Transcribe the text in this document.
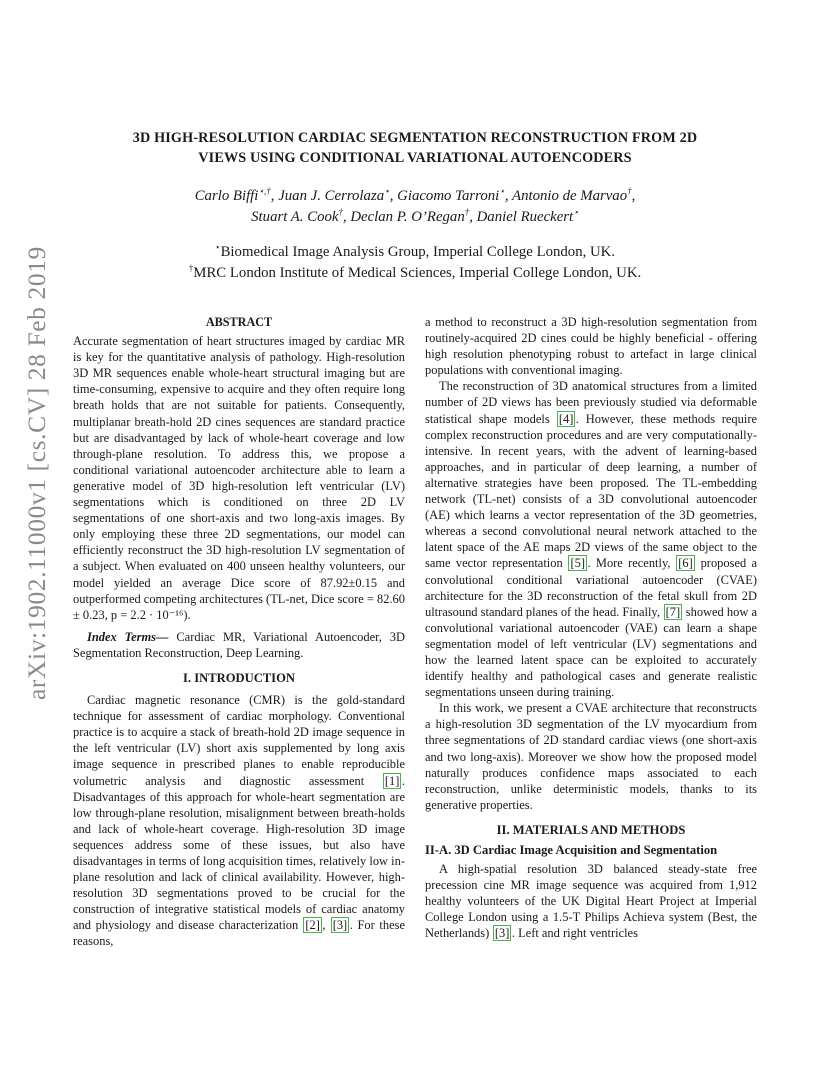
arXiv:1902.11000v1 [cs.CV] 28 Feb 2019
3D HIGH-RESOLUTION CARDIAC SEGMENTATION RECONSTRUCTION FROM 2D
VIEWS USING CONDITIONAL VARIATIONAL AUTOENCODERS
Carlo Biffi⋆,†, Juan J. Cerrolaza⋆, Giacomo Tarroni⋆, Antonio de Marvao†,
Stuart A. Cook†, Declan P. O’Regan†, Daniel Rueckert⋆
⋆Biomedical Image Analysis Group, Imperial College London, UK.
†MRC London Institute of Medical Sciences, Imperial College London, UK.
ABSTRACT

Accurate segmentation of heart structures imaged by cardiac MR is key for the quantitative analysis of pathology. High-resolution 3D MR sequences enable whole-heart structural imaging but are time-consuming, expensive to acquire and they often require long breath holds that are not suitable for patients. Consequently, multiplanar breath-hold 2D cines sequences are standard practice but are disadvantaged by lack of whole-heart coverage and low through-plane resolution. To address this, we propose a conditional variational autoencoder architecture able to learn a generative model of 3D high-resolution left ventricular (LV) segmentations which is conditioned on three 2D LV segmentations of one short-axis and two long-axis images. By only employing these three 2D segmentations, our model can efficiently reconstruct the 3D high-resolution LV segmentation of a subject. When evaluated on 400 unseen healthy volunteers, our model yielded an average Dice score of 87.92±0.15 and outperformed competing architectures (TL-net, Dice score = 82.60 ± 0.23, p = 2.2 · 10⁻¹⁶).

Index Terms— Cardiac MR, Variational Autoencoder, 3D Segmentation Reconstruction, Deep Learning.

I. INTRODUCTION

Cardiac magnetic resonance (CMR) is the gold-standard technique for assessment of cardiac morphology. Conventional practice is to acquire a stack of breath-hold 2D image sequence in the left ventricular (LV) short axis supplemented by long axis image sequence in prescribed planes to enable reproducible volumetric analysis and diagnostic assessment [1] . Disadvantages of this approach for whole-heart segmentation are low through-plane resolution, misalignment between breath-holds and lack of whole-heart coverage. High-resolution 3D image sequences address some of these issues, but also have disadvantages in terms of long acquisition times, relatively low in-plane resolution and lack of clinical availability. However, high-resolution 3D segmentations proved to be crucial for the construction of integrative statistical models of cardiac anatomy and physiology and disease characterization [2] , [3] . For these reasons,

a method to reconstruct a 3D high-resolution segmentation from routinely-acquired 2D cines could be highly beneficial - offering high resolution phenotyping robust to artefact in large clinical populations with conventional imaging.

The reconstruction of 3D anatomical structures from a limited number of 2D views has been previously studied via deformable statistical shape models [4] . However, these methods require complex reconstruction procedures and are very computationally-intensive. In recent years, with the advent of learning-based approaches, and in particular of deep learning, a number of alternative strategies have been proposed. The TL-embedding network (TL-net) consists of a 3D convolutional autoencoder (AE) which learns a vector representation of the 3D geometries, whereas a second convolutional neural network attached to the latent space of the AE maps 2D views of the same object to the same vector representation [5] . More recently, [6] proposed a convolutional conditional variational autoencoder (CVAE) architecture for the 3D reconstruction of the fetal skull from 2D ultrasound standard planes of the head. Finally, [7] showed how a convolutional variational autoencoder (VAE) can learn a shape segmentation model of left ventricular (LV) segmentations and how the learned latent space can be exploited to accurately identify healthy and pathological cases and generate realistic segmentations unseen during training.

In this work, we present a CVAE architecture that reconstructs a high-resolution 3D segmentation of the LV myocardium from three segmentations of 2D standard cardiac views (one short-axis and two long-axis). Moreover we show how the proposed model naturally produces confidence maps associated to each reconstruction, unlike deterministic models, thanks to its generative properties.

II. MATERIALS AND METHODS
II-A. 3D Cardiac Image Acquisition and Segmentation

A high-spatial resolution 3D balanced steady-state free precession cine MR image sequence was acquired from 1,912 healthy volunteers of the UK Digital Heart Project at Imperial College London using a 1.5-T Philips Achieva system (Best, the Netherlands) [3] . Left and right ventricles
